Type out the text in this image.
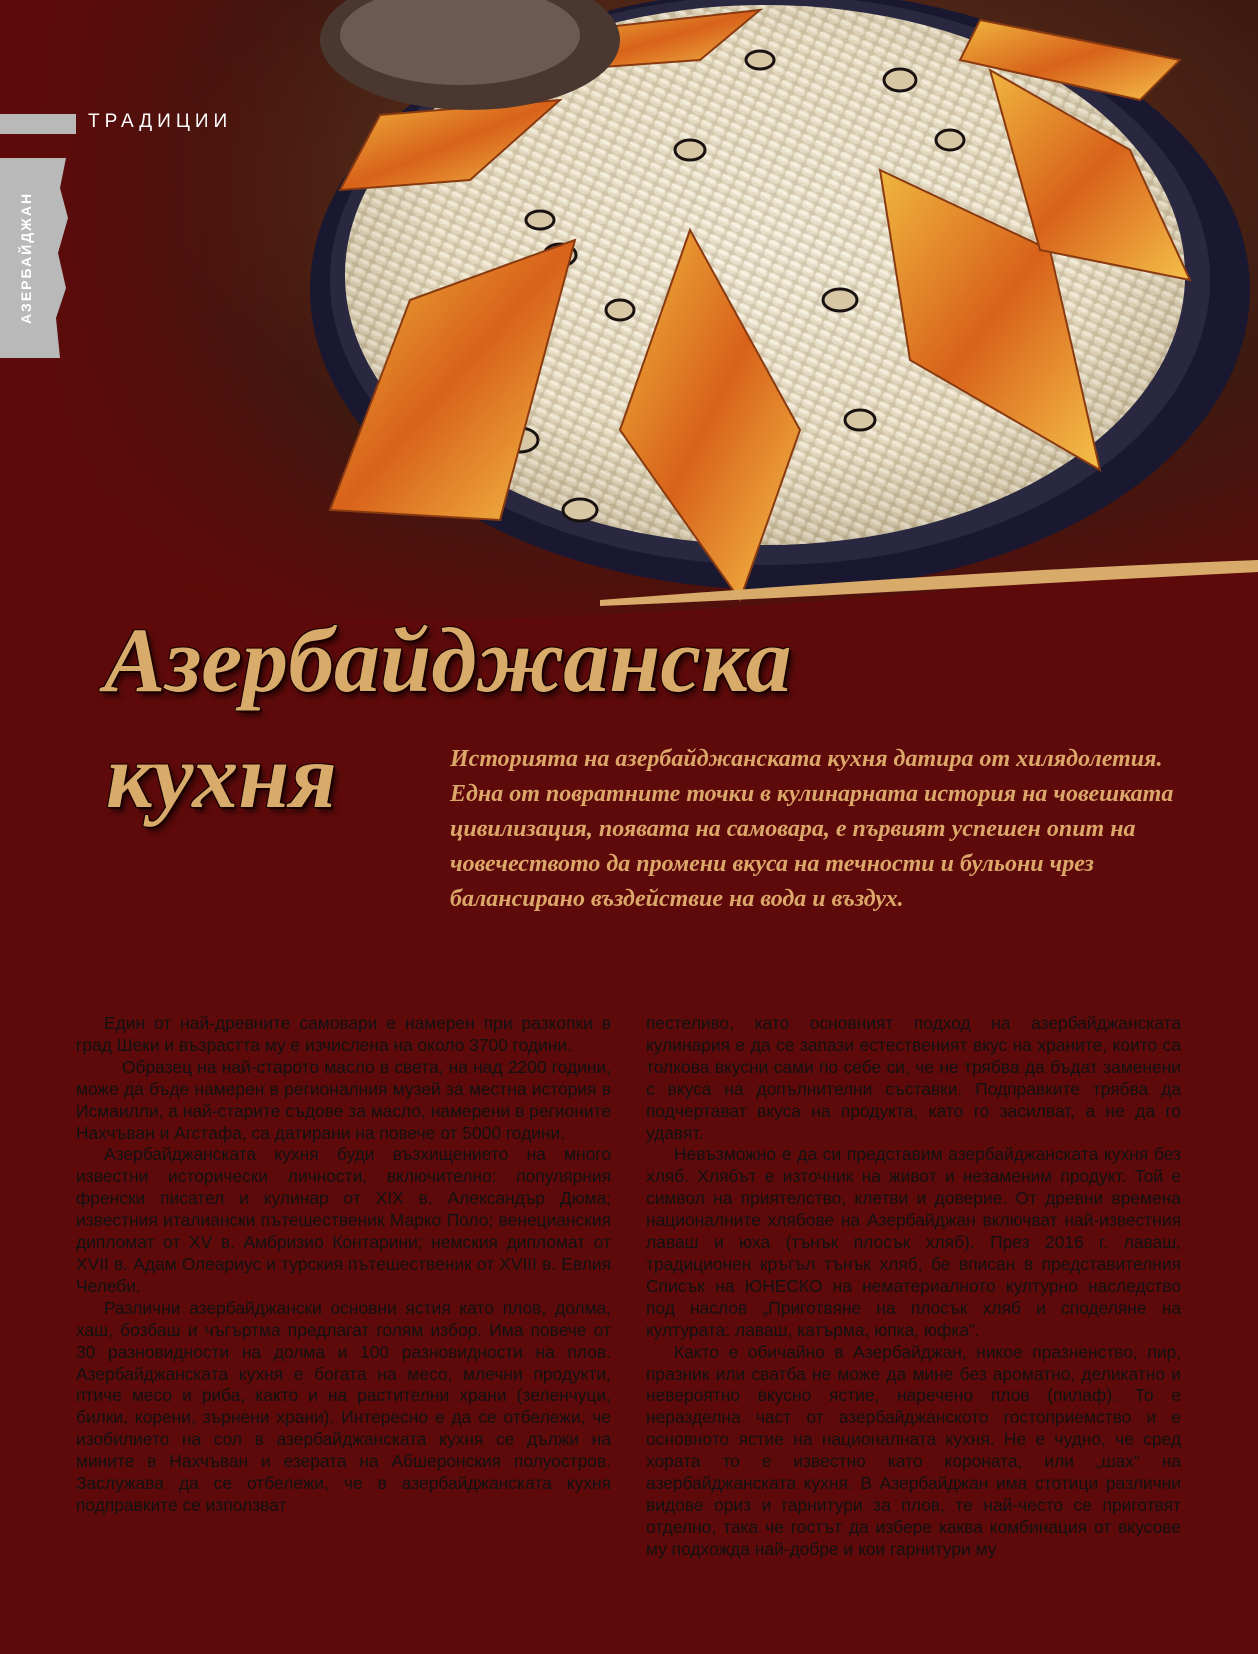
ТРАДИЦИИ
АЗЕРБАЙДЖАН
Азербайджанска
кухня	Историята на азербайджанската кухня датира от хилядолетия. Една от повратните точки в кулинарната история на човешката цивилизация, появата на самовара, е първият успешен опит на човечеството да промени вкуса на течности и бульони чрез балансирано въздействие на вода и въздух.

Един от най-древните самовари е намерен при разкопки в град Шеки и възрастта му е изчислена на около 3700 години.

Образец на най-старото масло в света, на над 2200 години, може да бъде намерен в регионалния музей за местна история в Исмаилли, а най-старите съдове за масло, намерени в регионите Нахчъван и Агстафа, са датирани на повече от 5000 години.

Азербайджанската кухня буди възхищението на много известни исторически личности, включително: популярния френски писател и кулинар от XIX в. Александър Дюма; известния италиански пътешественик Марко Поло; венецианския дипломат от XV в. Амбризио Контарини; немския дипломат от XVII в. Адам Олеариус и турския пътешественик от XVIII в. Евлия Челеби.

Различни азербайджански основни ястия като плов, долма, хаш, бозбаш и чъгъртма предлагат голям избор. Има повече от 30 разновидности на долма и 100 разновидности на плов. Азербайджанската кухня е богата на месо, млечни продукти, птиче месо и риба, както и на растителни храни (зеленчуци, билки, корени, зърнени храни). Интересно е да се отбележи, че изобилието на сол в азербайджанската кухня се дължи на мините в Нахчъван и езерата на Абшеронския полуостров. Заслужава да се отбележи, че в азербайджанската кухня подправките се използват

пестеливо, като основният подход на азербайджанската кулинария е да се запази естественият вкус на храните, които са толкова вкусни сами по себе си, че не трябва да бъдат заменени с вкуса на допълнителни съставки. Подправките трябва да подчертават вкуса на продукта, като го засилват, а не да го удавят.

Невъзможно е да си представим азербайджанската кухня без хляб. Хлябът е източник на живот и незаменим продукт. Той е символ на приятелство, клетви и доверие. От древни времена националните хлябове на Азербайджан включват най-известния лаваш и юха (тънък плосък хляб). През 2016 г. лаваш, традиционен кръгъл тънък хляб, бе вписан в представителния Списък на ЮНЕСКО на нематериалното културно наследство под наслов „Приготвяне на плосък хляб и споделяне на културата: лаваш, катърма, юпка, юфка”.

Както е обичайно в Азербайджан, никое празненство, пир, празник или сватба не може да мине без ароматно, деликатно и невероятно вкусно ястие, наречено плов (пилаф). То е неразделна част от азербайджанското гостоприемство и е основното ястие на националната кухня. Не е чудно, че сред хората то е известно като короната, или „шах“ на азербайджанската кухня. В Азербайджан има стотици различни видове ориз и гарнитури за плов, те най-често се приготвят отделно, така че гостът да избере каква комбинация от вкусове му подхожда най-добре и кои гарнитури му
